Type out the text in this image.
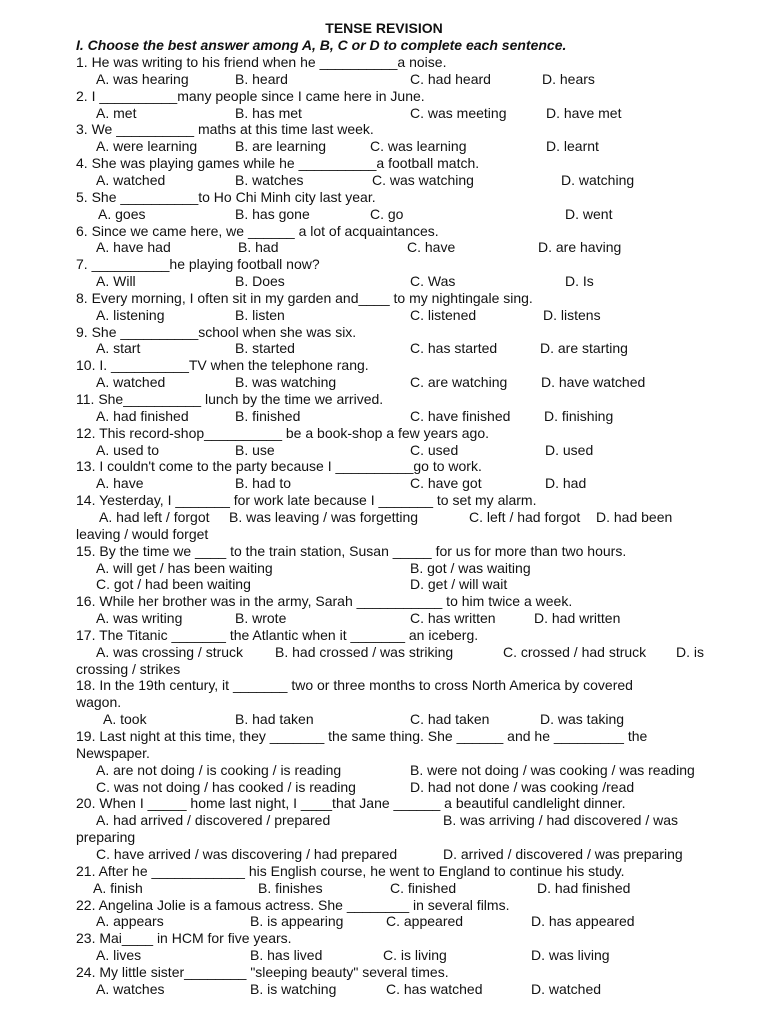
TENSE REVISION
I. Choose the best answer among A, B, C or D to complete each sentence.
1. He was writing to his friend when he __________a noise.
A. was hearing	B. heard	C. had heard	D. hears
2. I __________many people since I came here in June.
A. met	B. has met	C. was meeting	D. have met
3. We __________ maths at this time last week.
A. were learning	B. are learning	C. was learning	D. learnt
4. She was playing games while he __________a football match.
A. watched	B. watches	C. was watching	D. watching
5. She __________to Ho Chi Minh city last year.
A. goes	B. has gone	C. go	D. went
6. Since we came here, we ______ a lot of acquaintances.
A. have had	B. had	C. have	D. are having
7. __________he playing football now?
A. Will	B. Does	C. Was	D. Is
8. Every morning, I often sit in my garden and____ to my nightingale sing.
A. listening	B. listen	C. listened	D. listens
9. She __________school when she was six.
A. start	B. started	C. has started	D. are starting
10. I. __________TV when the telephone rang.
A. watched	B. was watching	C. are watching D. have watched
11. She__________ lunch by the time we arrived.
A. had finished	B. finished	C. have finished D. finishing
12. This record-shop__________ be a book-shop a few years ago.
A. used to	B. use	C. used	D. used
13. I couldn't come to the party because I __________go to work.
A. have	B. had to	C. have got	D. had
14. Yesterday, I _______ for work late because I _______ to set my alarm.
A. had left / forgot B. was leaving / was forgetting	C. left / had forgot D. had been
leaving / would forget
15. By the time we ____ to the train station, Susan _____ for us for more than two hours.
A. will get / has been waiting	B. got / was waiting
C. got / had been waiting	D. get / will wait
16. While her brother was in the army, Sarah ___________ to him twice a week.
A. was writing	B. wrote	C. has written	D. had written
17. The Titanic _______ the Atlantic when it _______ an iceberg.
A. was crossing / struck B. had crossed / was striking	C. crossed / had struck D. is
crossing / strikes
18. In the 19th century, it _______ two or three months to cross North America by covered
wagon.
A. took	B. had taken	C. had taken	D. was taking
19. Last night at this time, they _______ the same thing. She ______ and he _________ the
Newspaper.
A. are not doing / is cooking / is reading	B. were not doing / was cooking / was reading
C. was not doing / has cooked / is reading	D. had not done / was cooking /read
20. When I _____ home last night, I ____that Jane ______ a beautiful candlelight dinner.
A. had arrived / discovered / prepared	B. was arriving / had discovered / was
preparing
C. have arrived / was discovering / had prepared	D. arrived / discovered / was preparing
21. After he ____________ his English course, he went to England to continue his study.
A. finish	B. finishes	C. finished	D. had finished
22. Angelina Jolie is a famous actress. She ________ in several films.
A. appears	B. is appearing	C. appeared	D. has appeared
23. Mai____ in HCM for five years.
A. lives	B. has lived	C. is living	D. was living
24. My little sister________ "sleeping beauty" several times.
A. watches	B. is watching	C. has watched	D. watched
